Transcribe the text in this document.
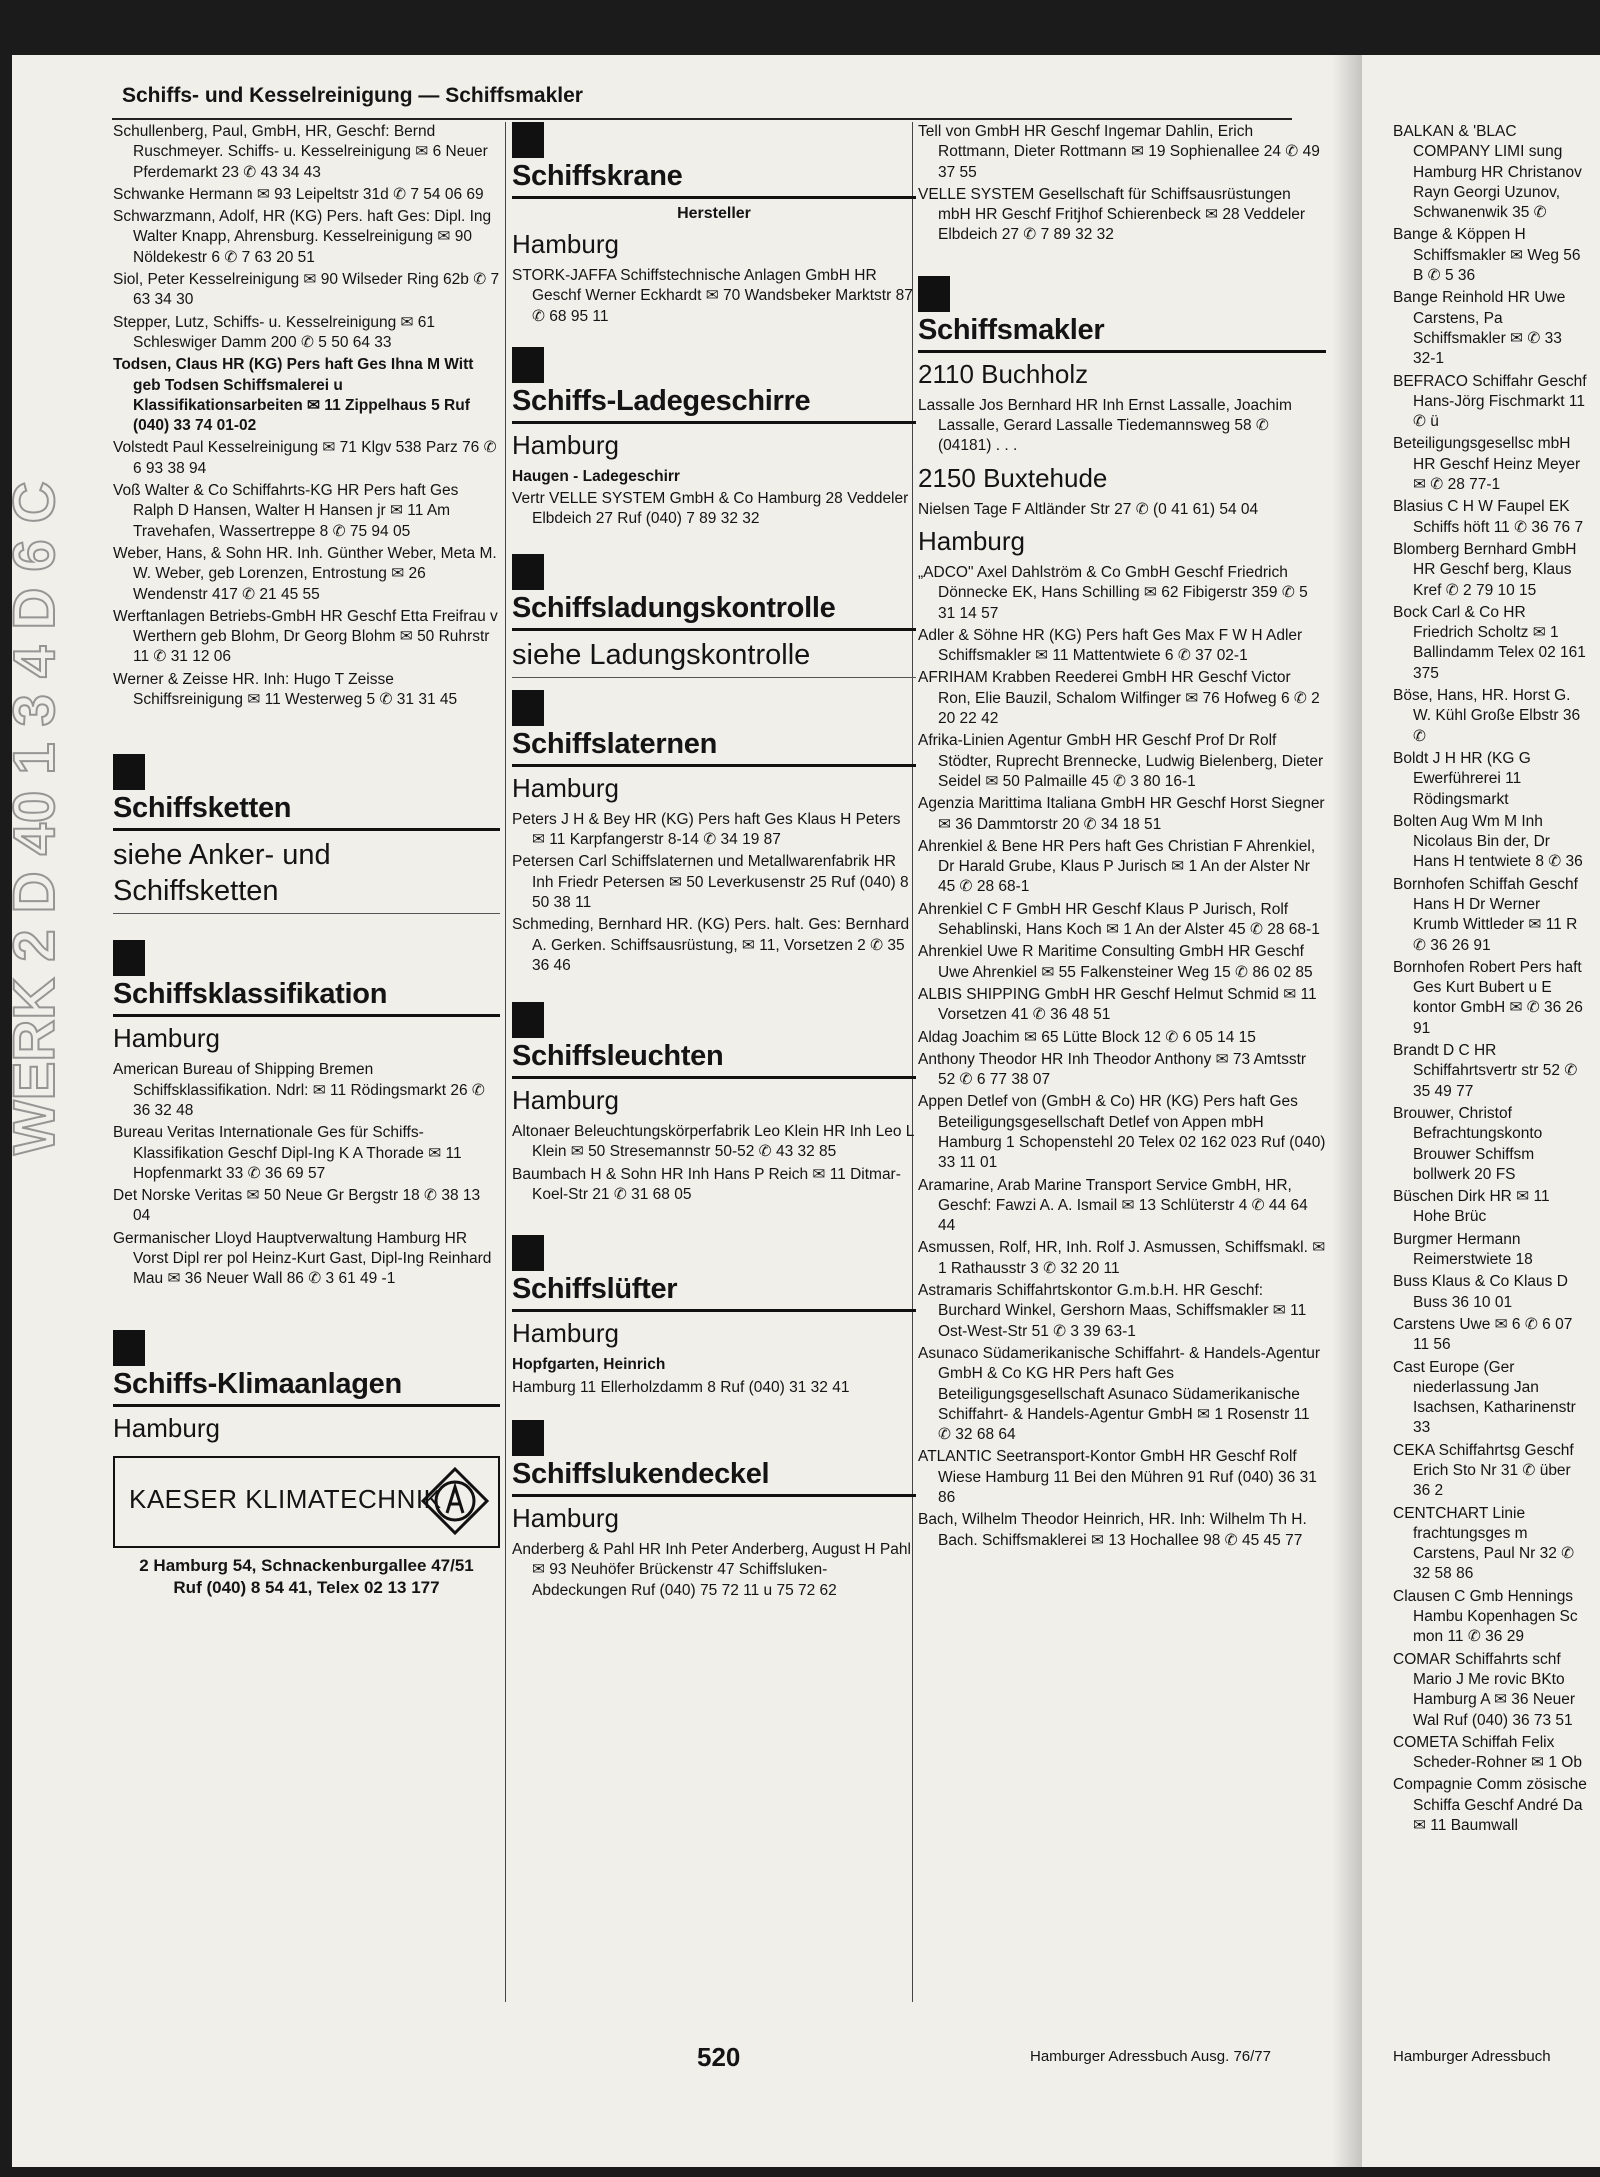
WERK 2 D 40 1 3 4 D 6 C
Schiffs- und Kesselreinigung — Schiffsmakler
Schullenberg, Paul, GmbH, HR, Geschf: Bernd Ruschmeyer. Schiffs- u. Kesselreinigung ✉ 6 Neuer Pferdemarkt 23 ✆ 43 34 43
Schwanke Hermann ✉ 93 Leipeltstr 31d ✆ 7 54 06 69
Schwarzmann, Adolf, HR (KG) Pers. haft Ges: Dipl. Ing Walter Knapp, Ahrensburg. Kesselreinigung ✉ 90 Nöldekestr 6 ✆ 7 63 20 51
Siol, Peter Kesselreinigung ✉ 90 Wilseder Ring 62b ✆ 7 63 34 30
Stepper, Lutz, Schiffs- u. Kesselreinigung ✉ 61 Schleswiger Damm 200 ✆ 5 50 64 33
Todsen, Claus HR (KG) Pers haft Ges Ihna M Witt geb Todsen Schiffsmalerei u Klassifikationsarbeiten ✉ 11 Zippelhaus 5 Ruf (040) 33 74 01-02
Volstedt Paul Kesselreinigung ✉ 71 Klgv 538 Parz 76 ✆ 6 93 38 94
Voß Walter & Co Schiffahrts-KG HR Pers haft Ges Ralph D Hansen, Walter H Hansen jr ✉ 11 Am Travehafen, Wassertreppe 8 ✆ 75 94 05
Weber, Hans, & Sohn HR. Inh. Günther Weber, Meta M. W. Weber, geb Lorenzen, Entrostung ✉ 26 Wendenstr 417 ✆ 21 45 55
Werftanlagen Betriebs-GmbH HR Geschf Etta Freifrau v Werthern geb Blohm, Dr Georg Blohm ✉ 50 Ruhrstr 11 ✆ 31 12 06
Werner & Zeisse HR. Inh: Hugo T Zeisse Schiffsreinigung ✉ 11 Westerweg 5 ✆ 31 31 45
Schiffsketten
siehe Anker- und Schiffsketten
Schiffsklassifikation
Hamburg
American Bureau of Shipping Bremen Schiffsklassifikation. Ndrl: ✉ 11 Rödingsmarkt 26 ✆ 36 32 48
Bureau Veritas Internationale Ges für Schiffs-Klassifikation Geschf Dipl-Ing K A Thorade ✉ 11 Hopfenmarkt 33 ✆ 36 69 57
Det Norske Veritas ✉ 50 Neue Gr Bergstr 18 ✆ 38 13 04
Germanischer Lloyd Hauptverwaltung Hamburg HR Vorst Dipl rer pol Heinz-Kurt Gast, Dipl-Ing Reinhard Mau ✉ 36 Neuer Wall 86 ✆ 3 61 49 -1
Schiffs-Klimaanlagen
Hamburg
KAESER KLIMATECHNIK
2 Hamburg 54, Schnackenburgallee 47/51
Ruf (040) 8 54 41, Telex 02 13 177
Schiffskrane
Hersteller
Hamburg
STORK-JAFFA Schiffstechnische Anlagen GmbH HR Geschf Werner Eckhardt ✉ 70 Wandsbeker Marktstr 87 ✆ 68 95 11
Schiffs-Ladegeschirre
Hamburg
Haugen - Ladegeschirr
Vertr VELLE SYSTEM GmbH & Co Hamburg 28 Veddeler Elbdeich 27 Ruf (040) 7 89 32 32
Schiffsladungskontrolle
siehe Ladungskontrolle
Schiffslaternen
Hamburg
Peters J H & Bey HR (KG) Pers haft Ges Klaus H Peters ✉ 11 Karpfangerstr 8-14 ✆ 34 19 87
Petersen Carl Schiffslaternen und Metallwarenfabrik HR Inh Friedr Petersen ✉ 50 Leverkusenstr 25 Ruf (040) 8 50 38 11
Schmeding, Bernhard HR. (KG) Pers. halt. Ges: Bernhard A. Gerken. Schiffsausrüstung, ✉ 11, Vorsetzen 2 ✆ 35 36 46
Schiffsleuchten
Hamburg
Altonaer Beleuchtungskörperfabrik Leo Klein HR Inh Leo L Klein ✉ 50 Stresemannstr 50-52 ✆ 43 32 85
Baumbach H & Sohn HR Inh Hans P Reich ✉ 11 Ditmar-Koel-Str 21 ✆ 31 68 05
Schiffslüfter
Hamburg
Hopfgarten, Heinrich
Hamburg 11 Ellerholzdamm 8 Ruf (040) 31 32 41
Schiffslukendeckel
Hamburg
Anderberg & Pahl HR Inh Peter Anderberg, August H Pahl ✉ 93 Neuhöfer Brückenstr 47 Schiffsluken-Abdeckungen Ruf (040) 75 72 11 u 75 72 62
Tell von GmbH HR Geschf Ingemar Dahlin, Erich Rottmann, Dieter Rottmann ✉ 19 Sophienallee 24 ✆ 49 37 55
VELLE SYSTEM Gesellschaft für Schiffsausrüstungen mbH HR Geschf Fritjhof Schierenbeck ✉ 28 Veddeler Elbdeich 27 ✆ 7 89 32 32
Schiffsmakler
2110 Buchholz
Lassalle Jos Bernhard HR Inh Ernst Lassalle, Joachim Lassalle, Gerard Lassalle Tiedemannsweg 58 ✆ (04181) . . .
2150 Buxtehude
Nielsen Tage F Altländer Str 27 ✆ (0 41 61) 54 04
Hamburg
„ADCO" Axel Dahlström & Co GmbH Geschf Friedrich Dönnecke EK, Hans Schilling ✉ 62 Fibigerstr 359 ✆ 5 31 14 57
Adler & Söhne HR (KG) Pers haft Ges Max F W H Adler Schiffsmakler ✉ 11 Mattentwiete 6 ✆ 37 02-1
AFRIHAM Krabben Reederei GmbH HR Geschf Victor Ron, Elie Bauzil, Schalom Wilfinger ✉ 76 Hofweg 6 ✆ 2 20 22 42
Afrika-Linien Agentur GmbH HR Geschf Prof Dr Rolf Stödter, Ruprecht Brennecke, Ludwig Bielenberg, Dieter Seidel ✉ 50 Palmaille 45 ✆ 3 80 16-1
Agenzia Marittima Italiana GmbH HR Geschf Horst Siegner ✉ 36 Dammtorstr 20 ✆ 34 18 51
Ahrenkiel & Bene HR Pers haft Ges Christian F Ahrenkiel, Dr Harald Grube, Klaus P Jurisch ✉ 1 An der Alster Nr 45 ✆ 28 68-1
Ahrenkiel C F GmbH HR Geschf Klaus P Jurisch, Rolf Sehablinski, Hans Koch ✉ 1 An der Alster 45 ✆ 28 68-1
Ahrenkiel Uwe R Maritime Consulting GmbH HR Geschf Uwe Ahrenkiel ✉ 55 Falkensteiner Weg 15 ✆ 86 02 85
ALBIS SHIPPING GmbH HR Geschf Helmut Schmid ✉ 11 Vorsetzen 41 ✆ 36 48 51
Aldag Joachim ✉ 65 Lütte Block 12 ✆ 6 05 14 15
Anthony Theodor HR Inh Theodor Anthony ✉ 73 Amtsstr 52 ✆ 6 77 38 07
Appen Detlef von (GmbH & Co) HR (KG) Pers haft Ges Beteiligungsgesellschaft Detlef von Appen mbH Hamburg 1 Schopenstehl 20 Telex 02 162 023 Ruf (040) 33 11 01
Aramarine, Arab Marine Transport Service GmbH, HR, Geschf: Fawzi A. A. Ismail ✉ 13 Schlüterstr 4 ✆ 44 64 44
Asmussen, Rolf, HR, Inh. Rolf J. Asmussen, Schiffsmakl. ✉ 1 Rathausstr 3 ✆ 32 20 11
Astramaris Schiffahrtskontor G.m.b.H. HR Geschf: Burchard Winkel, Gershorn Maas, Schiffsmakler ✉ 11 Ost-West-Str 51 ✆ 3 39 63-1
Asunaco Südamerikanische Schiffahrt- & Handels-Agentur GmbH & Co KG HR Pers haft Ges Beteiligungsgesellschaft Asunaco Südamerikanische Schiffahrt- & Handels-Agentur GmbH ✉ 1 Rosenstr 11 ✆ 32 68 64
ATLANTIC Seetransport-Kontor GmbH HR Geschf Rolf Wiese Hamburg 11 Bei den Mühren 91 Ruf (040) 36 31 86
Bach, Wilhelm Theodor Heinrich, HR. Inh: Wilhelm Th H. Bach. Schiffsmaklerei ✉ 13 Hochallee 98 ✆ 45 45 77
BALKAN & 'BLAC COMPANY LIMI sung Hamburg HR Christanov Rayn Georgi Uzunov, Schwanenwik 35 ✆
Bange & Köppen H Schiffsmakler ✉ Weg 56 B ✆ 5 36
Bange Reinhold HR Uwe Carstens, Pa Schiffsmakler ✉ ✆ 33 32-1
BEFRACO Schiffahr Geschf Hans-Jörg Fischmarkt 11 ✆ ü
Beteiligungsgesellsc mbH HR Geschf Heinz Meyer ✉ ✆ 28 77-1
Blasius C H W Faupel EK Schiffs höft 11 ✆ 36 76 7
Blomberg Bernhard GmbH HR Geschf berg, Klaus Kref ✆ 2 79 10 15
Bock Carl & Co HR Friedrich Scholtz ✉ 1 Ballindamm Telex 02 161 375
Böse, Hans, HR. Horst G. W. Kühl Große Elbstr 36 ✆
Boldt J H HR (KG G Ewerführerei 11 Rödingsmarkt
Bolten Aug Wm M Inh Nicolaus Bin der, Dr Hans H tentwiete 8 ✆ 36
Bornhofen Schiffah Geschf Hans H Dr Werner Krumb Wittleder ✉ 11 R ✆ 36 26 91
Bornhofen Robert Pers haft Ges Kurt Bubert u E kontor GmbH ✉ ✆ 36 26 91
Brandt D C HR Schiffahrtsvertr str 52 ✆ 35 49 77
Brouwer, Christof Befrachtungskonto Brouwer Schiffsm bollwerk 20 FS
Büschen Dirk HR ✉ 11 Hohe Brüc
Burgmer Hermann Reimerstwiete 18
Buss Klaus & Co Klaus D Buss 36 10 01
Carstens Uwe ✉ 6 ✆ 6 07 11 56
Cast Europe (Ger niederlassung Jan Isachsen, Katharinenstr 33
CEKA Schiffahrtsg Geschf Erich Sto Nr 31 ✆ über 36 2
CENTCHART Linie frachtungsges m Carstens, Paul Nr 32 ✆ 32 58 86
Clausen C Gmb Hennings Hambu Kopenhagen Sc mon 11 ✆ 36 29
COMAR Schiffahrts schf Mario J Me rovic BKto Hamburg A ✉ 36 Neuer Wal Ruf (040) 36 73 51
COMETA Schiffah Felix Scheder-Rohner ✉ 1 Ob
Compagnie Comm zösische Schiffa Geschf André Da ✉ 11 Baumwall
520	Hamburger Adressbuch Ausg. 76/77	Hamburger Adressbuch
